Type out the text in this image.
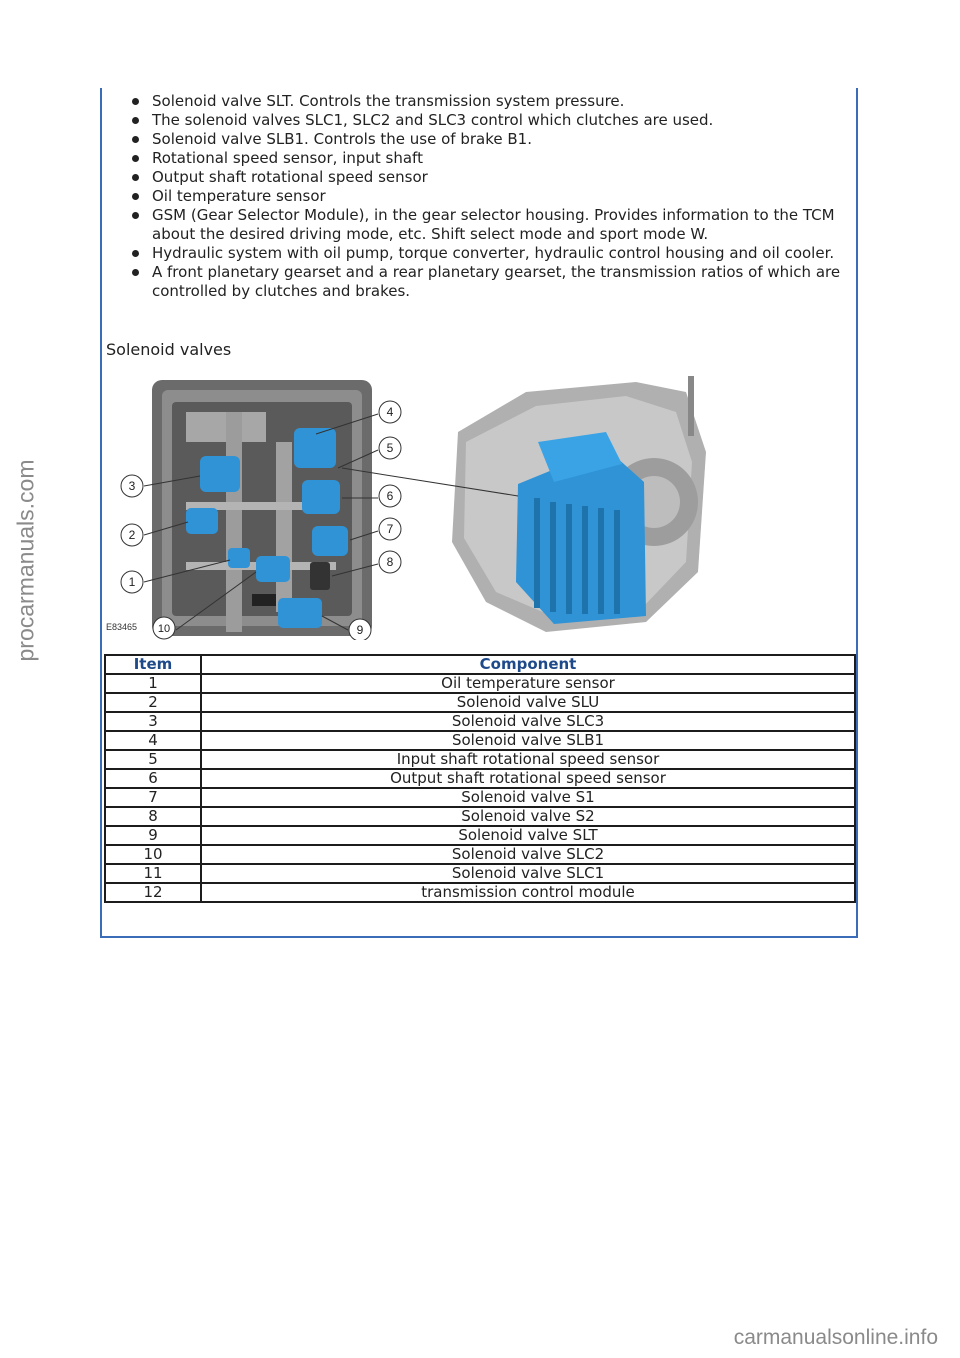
procarmanuals.com
Solenoid valve SLT. Controls the transmission system pressure.
The solenoid valves SLC1, SLC2 and SLC3 control which clutches are used.
Solenoid valve SLB1. Controls the use of brake B1.
Rotational speed sensor, input shaft
Output shaft rotational speed sensor
Oil temperature sensor
GSM (Gear Selector Module), in the gear selector housing. Provides information to the TCM about the desired driving mode, etc. Shift select mode and sport mode W.
Hydraulic system with oil pump, torque converter, hydraulic control housing and oil cooler.
A front planetary gearset and a rear planetary gearset, the transmission ratios of which are controlled by clutches and brakes.
Solenoid valves
4
5
6
7
8
3
2
1
9
10
E83465
Item	Component
1	Oil temperature sensor
2	Solenoid valve SLU
3	Solenoid valve SLC3
4	Solenoid valve SLB1
5	Input shaft rotational speed sensor
6	Output shaft rotational speed sensor
7	Solenoid valve S1
8	Solenoid valve S2
9	Solenoid valve SLT
10	Solenoid valve SLC2
11	Solenoid valve SLC1
12	transmission control module
carmanualsonline.info
